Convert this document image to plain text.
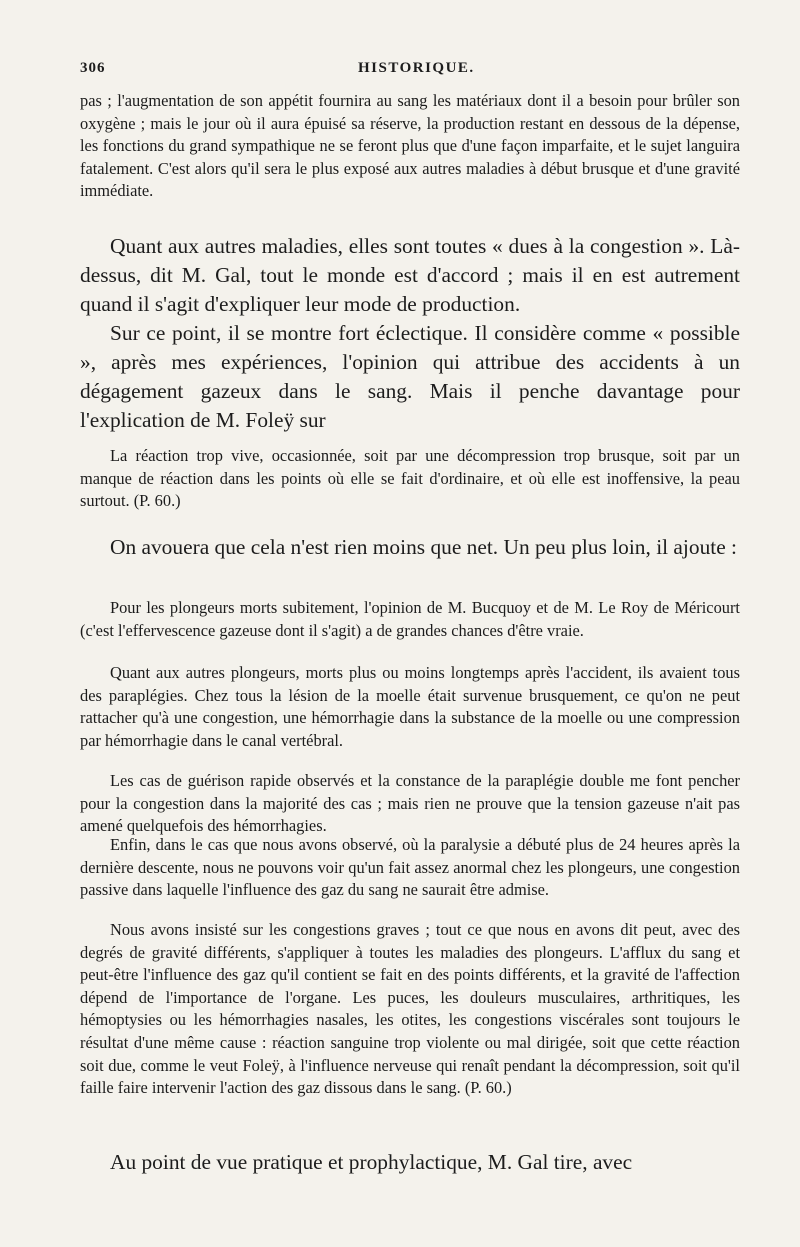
306	HISTORIQUE.
pas ; l'augmentation de son appétit fournira au sang les matériaux dont il a besoin pour brûler son oxygène ; mais le jour où il aura épuisé sa réserve, la production restant en dessous de la dépense, les fonctions du grand sympathique ne se feront plus que d'une façon imparfaite, et le sujet languira fatalement. C'est alors qu'il sera le plus exposé aux autres maladies à début brusque et d'une gravité immédiate.
Quant aux autres maladies, elles sont toutes « dues à la congestion ». Là-dessus, dit M. Gal, tout le monde est d'accord ; mais il en est autrement quand il s'agit d'expliquer leur mode de production.
Sur ce point, il se montre fort éclectique. Il considère comme « possible », après mes expériences, l'opinion qui attribue des accidents à un dégagement gazeux dans le sang. Mais il penche davantage pour l'explication de M. Foleÿ sur
La réaction trop vive, occasionnée, soit par une décompression trop brusque, soit par un manque de réaction dans les points où elle se fait d'ordinaire, et où elle est inoffensive, la peau surtout. (P. 60.)
On avouera que cela n'est rien moins que net. Un peu plus loin, il ajoute :
Pour les plongeurs morts subitement, l'opinion de M. Bucquoy et de M. Le Roy de Méricourt (c'est l'effervescence gazeuse dont il s'agit) a de grandes chances d'être vraie.
Quant aux autres plongeurs, morts plus ou moins longtemps après l'accident, ils avaient tous des paraplégies. Chez tous la lésion de la moelle était survenue brusquement, ce qu'on ne peut rattacher qu'à une congestion, une hémorrhagie dans la substance de la moelle ou une compression par hémorrhagie dans le canal vertébral.
Les cas de guérison rapide observés et la constance de la paraplégie double me font pencher pour la congestion dans la majorité des cas ; mais rien ne prouve que la tension gazeuse n'ait pas amené quelquefois des hémorrhagies.
Enfin, dans le cas que nous avons observé, où la paralysie a débuté plus de 24 heures après la dernière descente, nous ne pouvons voir qu'un fait assez anormal chez les plongeurs, une congestion passive dans laquelle l'influence des gaz du sang ne saurait être admise.
Nous avons insisté sur les congestions graves ; tout ce que nous en avons dit peut, avec des degrés de gravité différents, s'appliquer à toutes les maladies des plongeurs. L'afflux du sang et peut-être l'influence des gaz qu'il contient se fait en des points différents, et la gravité de l'affection dépend de l'importance de l'organe. Les puces, les douleurs musculaires, arthritiques, les hémoptysies ou les hémorrhagies nasales, les otites, les congestions viscérales sont toujours le résultat d'une même cause : réaction sanguine trop violente ou mal dirigée, soit que cette réaction soit due, comme le veut Foleÿ, à l'influence nerveuse qui renaît pendant la décompression, soit qu'il faille faire intervenir l'action des gaz dissous dans le sang. (P. 60.)
Au point de vue pratique et prophylactique, M. Gal tire, avec
